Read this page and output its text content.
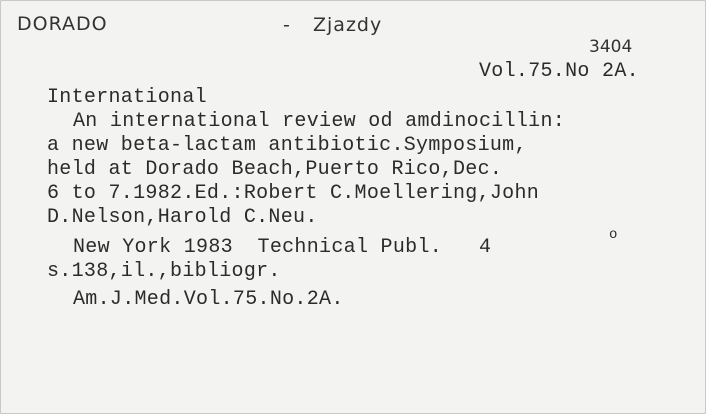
DORADO	- Zjazdy
3404
Vol.75.No 2A.
International
An international review od amdinocillin:
a new beta-lactam antibiotic.Symposium,
held at Dorado Beach,Puerto Rico,Dec.
6 to 7.1982.Ed.:Robert C.Moellering,John
D.Nelson,Harold C.Neu.
New York 1983  Technical Publ.   4
o
s.138,il.,bibliogr.
Am.J.Med.Vol.75.No.2A.
